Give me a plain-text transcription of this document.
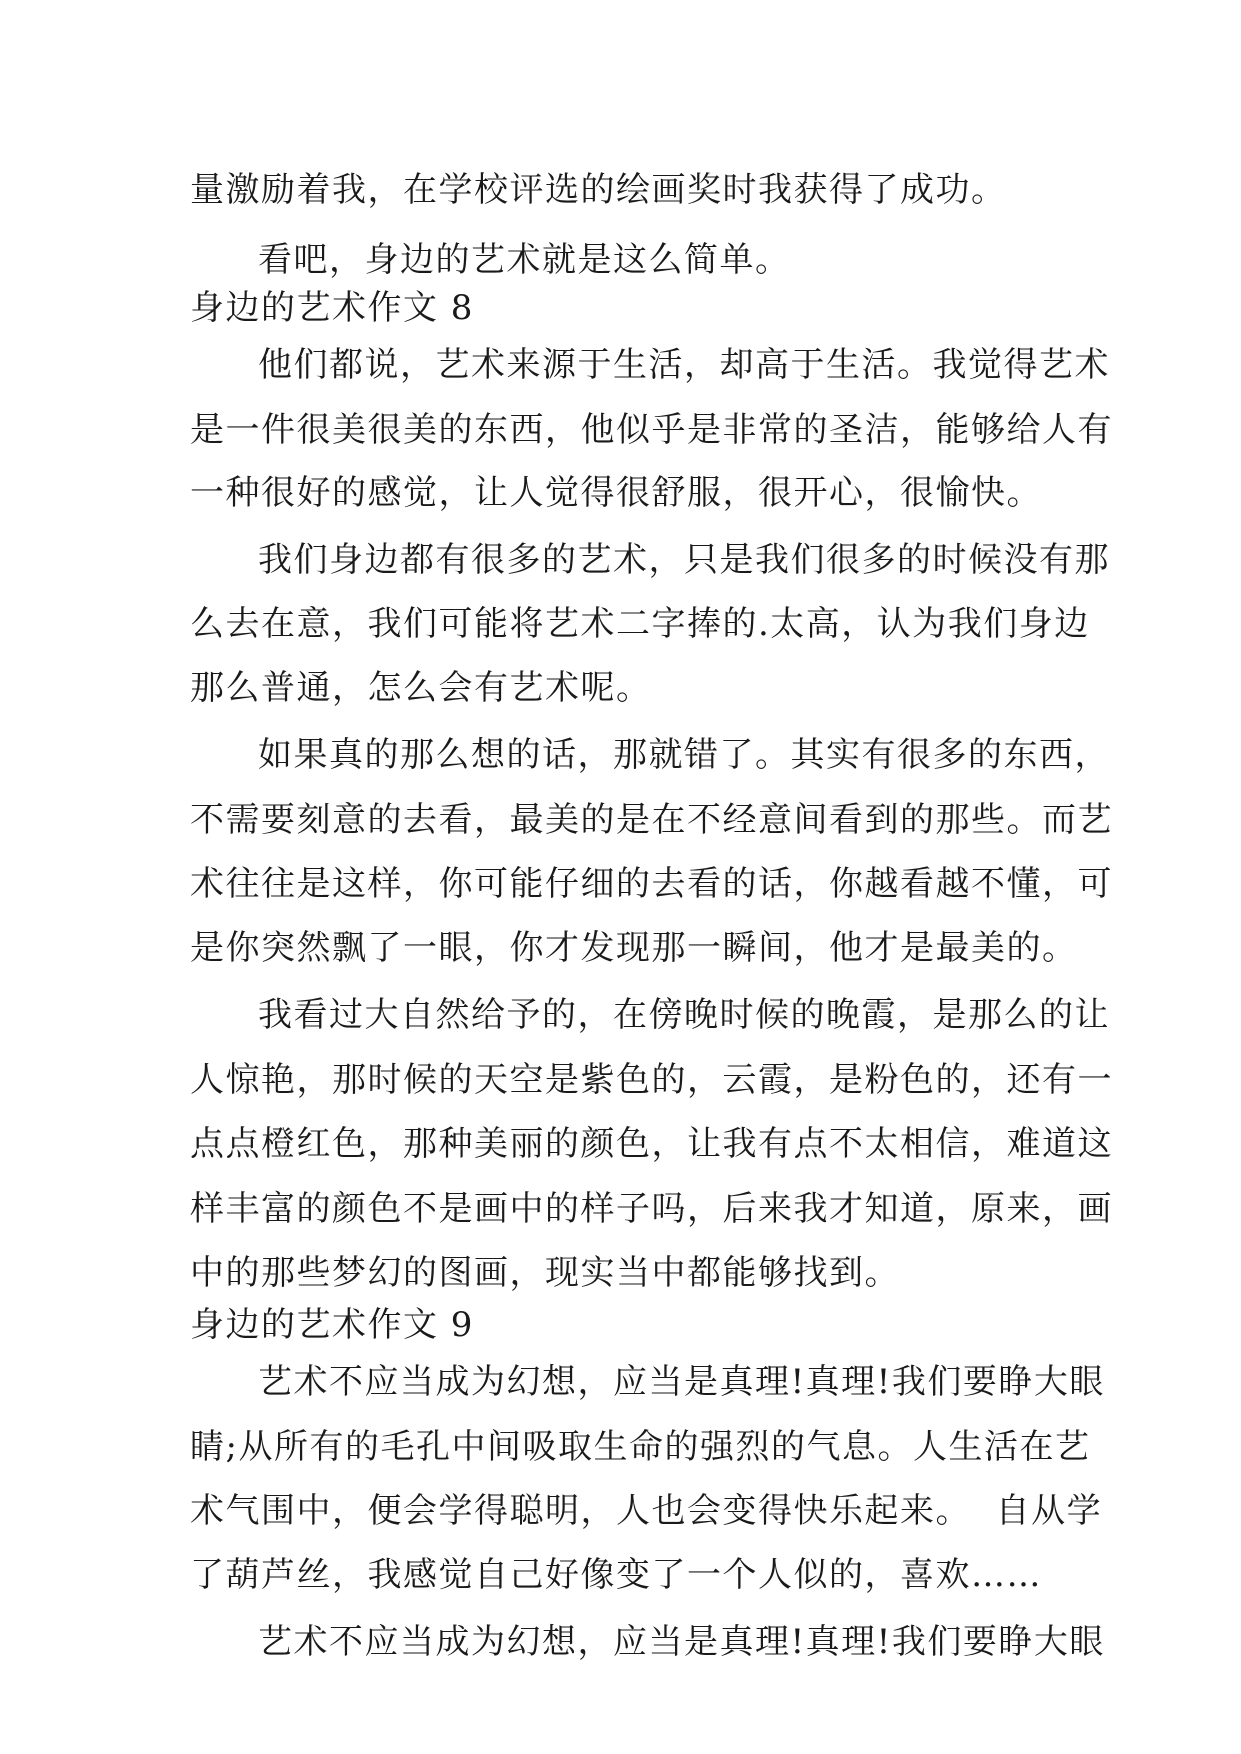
量激励着我，在学校评选的绘画奖时我获得了成功。
看吧，身边的艺术就是这么简单。
身边的艺术作文 8
他们都说，艺术来源于生活，却高于生活。我觉得艺术
是一件很美很美的东西，他似乎是非常的圣洁，能够给人有
一种很好的感觉，让人觉得很舒服，很开心，很愉快。
我们身边都有很多的艺术，只是我们很多的时候没有那
么去在意，我们可能将艺术二字捧的.太高，认为我们身边
那么普通，怎么会有艺术呢。
如果真的那么想的话，那就错了。其实有很多的东西，
不需要刻意的去看，最美的是在不经意间看到的那些。而艺
术往往是这样，你可能仔细的去看的话，你越看越不懂，可
是你突然飘了一眼，你才发现那一瞬间，他才是最美的。
我看过大自然给予的，在傍晚时候的晚霞，是那么的让
人惊艳，那时候的天空是紫色的，云霞，是粉色的，还有一
点点橙红色，那种美丽的颜色，让我有点不太相信，难道这
样丰富的颜色不是画中的样子吗，后来我才知道，原来，画
中的那些梦幻的图画，现实当中都能够找到。
身边的艺术作文 9
艺术不应当成为幻想，应当是真理!真理!我们要睁大眼
睛;从所有的毛孔中间吸取生命的强烈的气息。人生活在艺
术气围中，便会学得聪明，人也会变得快乐起来。  自从学
了葫芦丝，我感觉自己好像变了一个人似的，喜欢……
艺术不应当成为幻想，应当是真理!真理!我们要睁大眼
